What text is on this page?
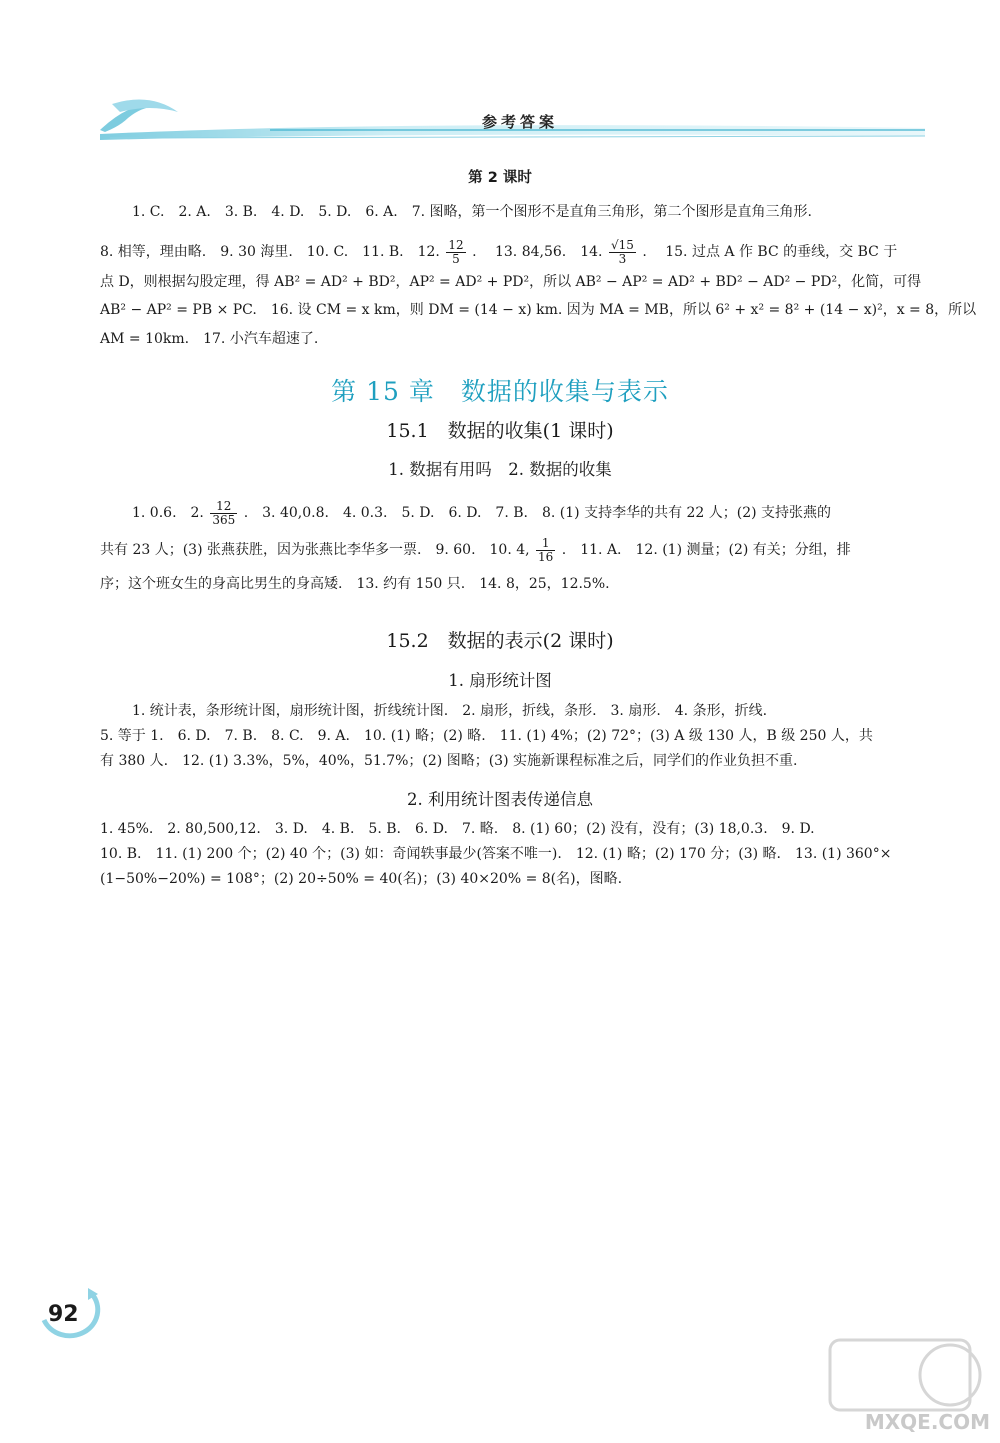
参考答案
第 2 课时
1. C.　2. A.　3. B.　4. D.　5. D.　6. A.　7. 图略，第一个图形不是直角三角形，第二个图形是直角三角形.
8. 相等，理由略.　9. 30 海里.　10. C.　11. B.　12. $\frac{12}{5}$ .　 13. 84,56.　14. $\frac{√15}{3}$ .　 15. 过点 A 作 BC 的垂线，交 BC 于
点 D，则根据勾股定理，得 AB² = AD² + BD²，AP² = AD² + PD²，所以 AB² − AP² = AD² + BD² − AD² − PD²，化简，可得
AB² − AP² = PB × PC.　16. 设 CM = x km，则 DM = (14 − x) km. 因为 MA = MB，所以 6² + x² = 8² + (14 − x)²，x = 8，所以
AM = 10km.　17. 小汽车超速了.
第 15 章　数据的收集与表示
15.1　数据的收集(1 课时)
1. 数据有用吗　2. 数据的收集
1. 0.6.　2. $\frac{12}{365}$ .　3. 40,0.8.　4. 0.3.　5. D.　6. D.　7. B.　8. (1) 支持李华的共有 22 人；(2) 支持张燕的
共有 23 人；(3) 张燕获胜，因为张燕比李华多一票.　9. 60.　10. 4, $\frac{1}{16}$ .　11. A.　12. (1) 测量；(2) 有关；分组，排
序；这个班女生的身高比男生的身高矮.　13. 约有 150 只.　14. 8，25，12.5%.
15.2　数据的表示(2 课时)
1. 扇形统计图
1. 统计表，条形统计图，扇形统计图，折线统计图.　2. 扇形，折线，条形.　3. 扇形.　4. 条形，折线.
5. 等于 1.　6. D.　7. B.　8. C.　9. A.　10. (1) 略；(2) 略.　11. (1) 4%；(2) 72°；(3) A 级 130 人，B 级 250 人，共
有 380 人.　12. (1) 3.3%，5%，40%，51.7%；(2) 图略；(3) 实施新课程标准之后，同学们的作业负担不重.
2. 利用统计图表传递信息
1. 45%.　2. 80,500,12.　3. D.　4. B.　5. B.　6. D.　7. 略.　8. (1) 60；(2) 没有，没有；(3) 18,0.3.　9. D.
10. B.　11. (1) 200 个；(2) 40 个；(3) 如：奇闻轶事最少(答案不唯一).　12. (1) 略；(2) 170 分；(3) 略.　13. (1) 360°×
(1−50%−20%) = 108°；(2) 20÷50% = 40(名)；(3) 40×20% = 8(名)，图略.
92
MXQE.COM
